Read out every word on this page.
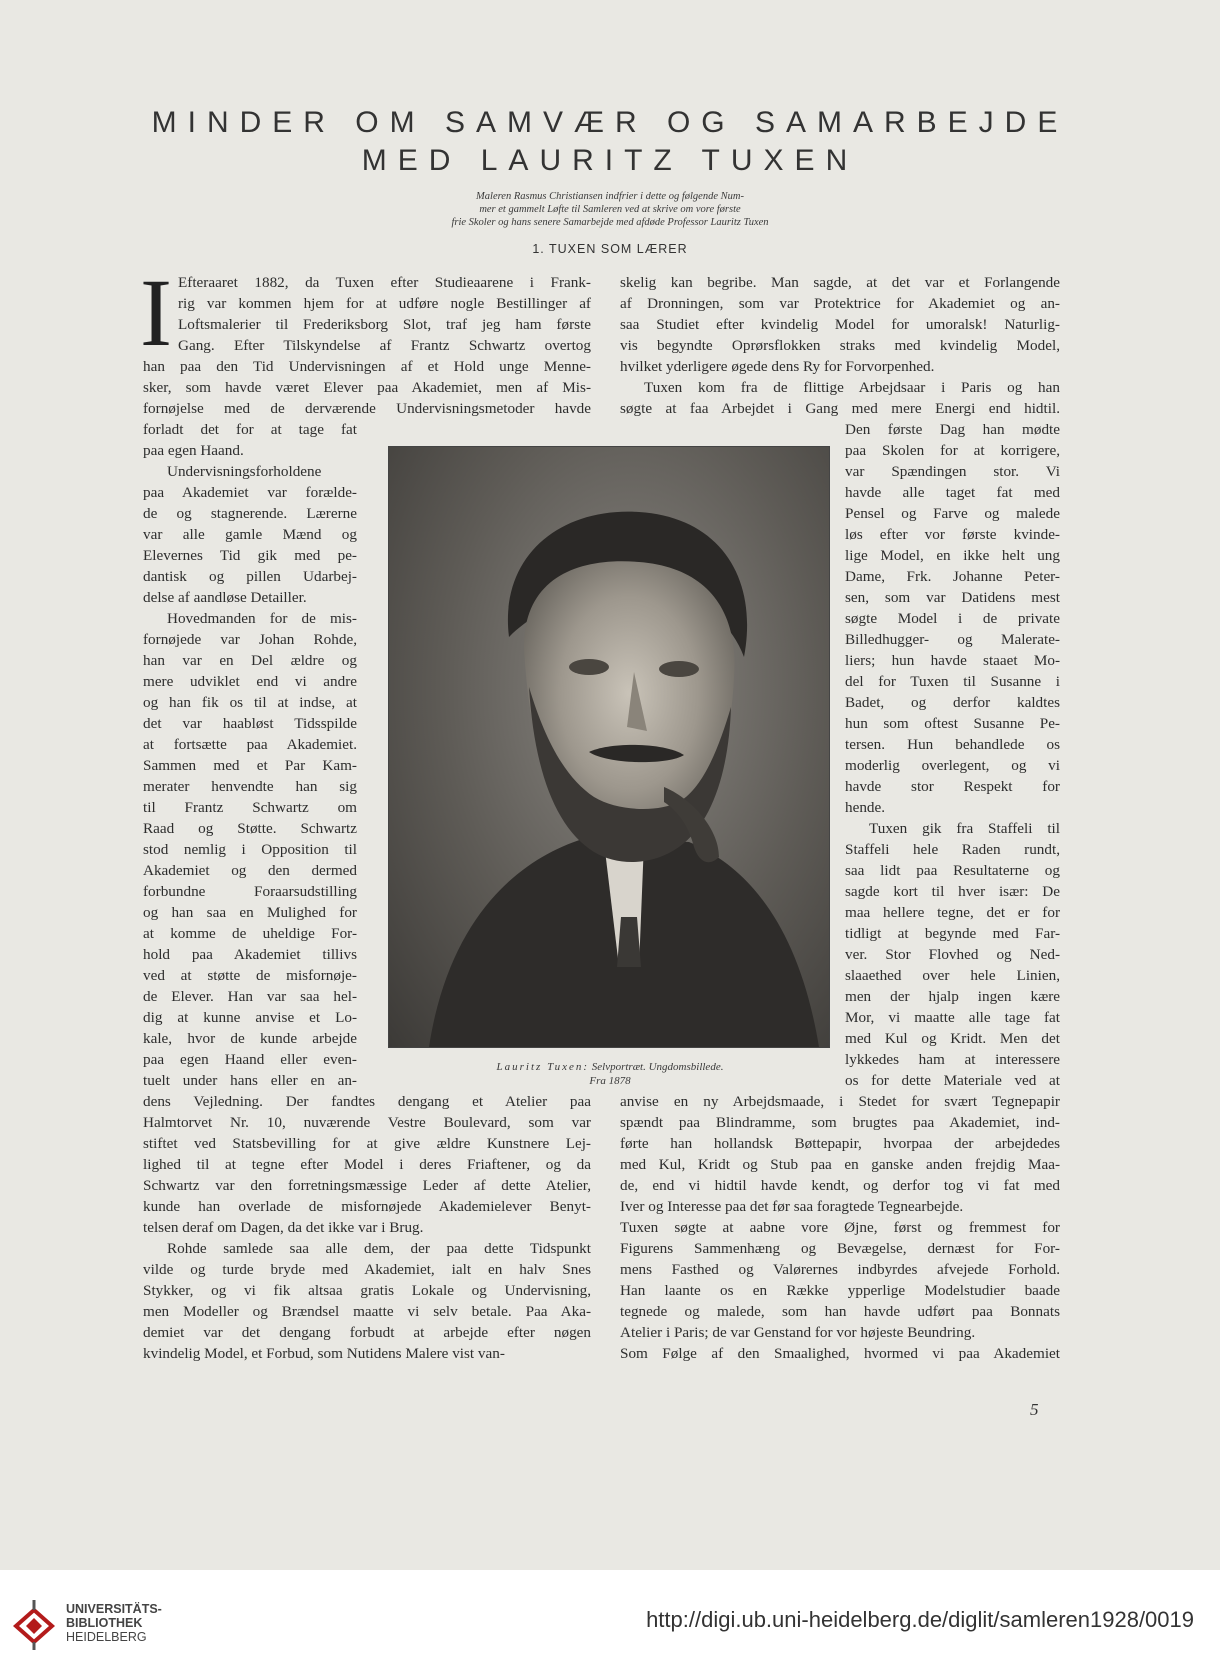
MINDER OM SAMVÆR OG SAMARBEJDE
MED LAURITZ TUXEN
Maleren Rasmus Christiansen indfrier i dette og følgende Num-
mer et gammelt Løfte til Samleren ved at skrive om vore første
frie Skoler og hans senere Samarbejde med afdøde Professor Lauritz Tuxen
1. TUXEN SOM LÆRER
I Efteraaret 1882, da Tuxen efter Studieaarene i Frank-

rig var kommen hjem for at udføre nogle Bestillinger af

Loftsmalerier til Frederiksborg Slot, traf jeg ham første

Gang. Efter Tilskyndelse af Frantz Schwartz overtog

han paa den Tid Undervisningen af et Hold unge Menne-

sker, som havde været Elever paa Akademiet, men af Mis-

fornøjelse med de derværende Undervisningsmetoder havde

forladt det for at tage fat

paa egen Haand.

Undervisningsforholdene

paa Akademiet var forælde-

de og stagnerende. Lærerne

var alle gamle Mænd og

Elevernes Tid gik med pe-

dantisk og pillen Udarbej-

delse af aandløse Detailler.

Hovedmanden for de mis-

fornøjede var Johan Rohde,

han var en Del ældre og

mere udviklet end vi andre

og han fik os til at indse, at

det var haabløst Tidsspilde

at fortsætte paa Akademiet.

Sammen med et Par Kam-

merater henvendte han sig

til Frantz Schwartz om

Raad og Støtte. Schwartz

stod nemlig i Opposition til

Akademiet og den dermed

forbundne Foraarsudstilling

og han saa en Mulighed for

at komme de uheldige For-

hold paa Akademiet tillivs

ved at støtte de misfornøje-

de Elever. Han var saa hel-

dig at kunne anvise et Lo-

kale, hvor de kunde arbejde

paa egen Haand eller even-

tuelt under hans eller en an-

dens Vejledning. Der fandtes dengang et Atelier paa

Halmtorvet Nr. 10, nuværende Vestre Boulevard, som var

stiftet ved Statsbevilling for at give ældre Kunstnere Lej-

lighed til at tegne efter Model i deres Friaftener, og da

Schwartz var den forretningsmæssige Leder af dette Atelier,

kunde han overlade de misfornøjede Akademielever Benyt-

telsen deraf om Dagen, da det ikke var i Brug.

Rohde samlede saa alle dem, der paa dette Tidspunkt

vilde og turde bryde med Akademiet, ialt en halv Snes

Stykker, og vi fik altsaa gratis Lokale og Undervisning,

men Modeller og Brændsel maatte vi selv betale. Paa Aka-

demiet var det dengang forbudt at arbejde efter nøgen

kvindelig Model, et Forbud, som Nutidens Malere vist van-

skelig kan begribe. Man sagde, at det var et Forlangende

af Dronningen, som var Protektrice for Akademiet og an-

saa Studiet efter kvindelig Model for umoralsk! Naturlig-

vis begyndte Oprørsflokken straks med kvindelig Model,

hvilket yderligere øgede dens Ry for Forvorpenhed.

Tuxen kom fra de flittige Arbejdsaar i Paris og han

søgte at faa Arbejdet i Gang med mere Energi end hidtil.

Den første Dag han mødte

paa Skolen for at korrigere,

var Spændingen stor. Vi

havde alle taget fat med

Pensel og Farve og malede

løs efter vor første kvinde-

lige Model, en ikke helt ung

Dame, Frk. Johanne Peter-

sen, som var Datidens mest

søgte Model i de private

Billedhugger- og Malerate-

liers; hun havde staaet Mo-

del for Tuxen til Susanne i

Badet, og derfor kaldtes

hun som oftest Susanne Pe-

tersen. Hun behandlede os

moderlig overlegent, og vi

havde stor Respekt for

hende.

Tuxen gik fra Staffeli til

Staffeli hele Raden rundt,

saa lidt paa Resultaterne og

sagde kort til hver især: De

maa hellere tegne, det er for

tidligt at begynde med Far-

ver. Stor Flovhed og Ned-

slaaethed over hele Linien,

men der hjalp ingen kære

Mor, vi maatte alle tage fat

med Kul og Kridt. Men det

lykkedes ham at interessere

os for dette Materiale ved at

anvise en ny Arbejdsmaade, i Stedet for svært Tegnepapir

spændt paa Blindramme, som brugtes paa Akademiet, ind-

førte han hollandsk Bøttepapir, hvorpaa der arbejdedes

med Kul, Kridt og Stub paa en ganske anden frejdig Maa-

de, end vi hidtil havde kendt, og derfor tog vi fat med

Iver og Interesse paa det før saa foragtede Tegnearbejde.

Tuxen søgte at aabne vore Øjne, først og fremmest for

Figurens Sammenhæng og Bevægelse, dernæst for For-

mens Fasthed og Valørernes indbyrdes afvejede Forhold.

Han laante os en Række ypperlige Modelstudier baade

tegnede og malede, som han havde udført paa Bonnats

Atelier i Paris; de var Genstand for vor højeste Beundring.

Som Følge af den Smaalighed, hvormed vi paa Akademiet

Lauritz Tuxen: Selvportræt. Ungdomsbillede.
Fra 1878
5
UNIVERSITÄTS-
BIBLIOTHEK
HEIDELBERG
http://digi.ub.uni-heidelberg.de/diglit/samleren1928/0019
